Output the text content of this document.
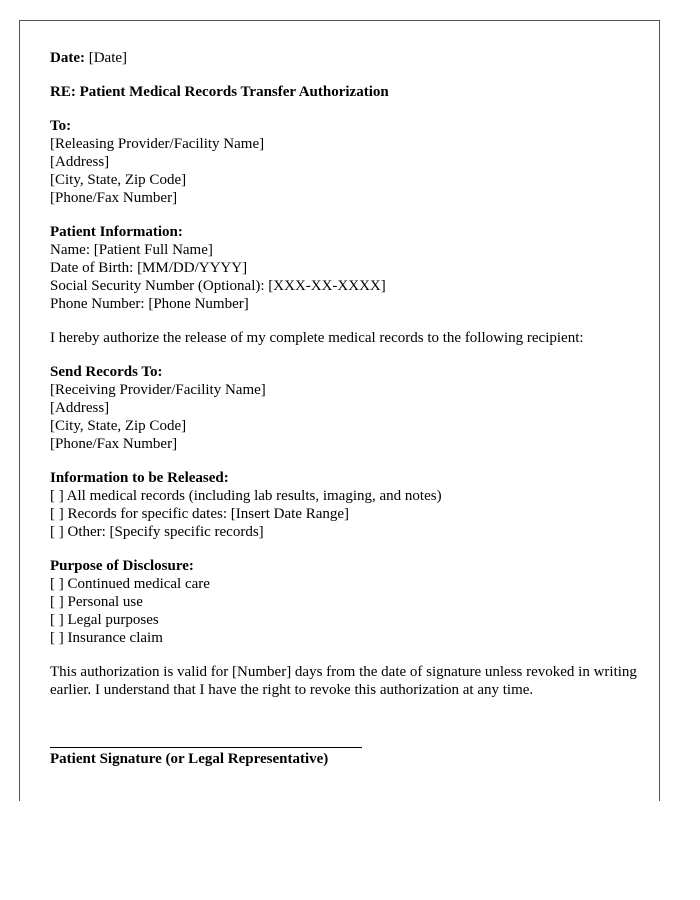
Date: [Date]
RE: Patient Medical Records Transfer Authorization
To:
[Releasing Provider/Facility Name]
[Address]
[City, State, Zip Code]
[Phone/Fax Number]
Patient Information:
Name: [Patient Full Name]
Date of Birth: [MM/DD/YYYY]
Social Security Number (Optional): [XXX-XX-XXXX]
Phone Number: [Phone Number]
I hereby authorize the release of my complete medical records to the following recipient:
Send Records To:
[Receiving Provider/Facility Name]
[Address]
[City, State, Zip Code]
[Phone/Fax Number]
Information to be Released:
[ ] All medical records (including lab results, imaging, and notes)
[ ] Records for specific dates: [Insert Date Range]
[ ] Other: [Specify specific records]
Purpose of Disclosure:
[ ] Continued medical care
[ ] Personal use
[ ] Legal purposes
[ ] Insurance claim
This authorization is valid for [Number] days from the date of signature unless revoked in writing earlier. I understand that I have the right to revoke this authorization at any time.
Patient Signature (or Legal Representative)
